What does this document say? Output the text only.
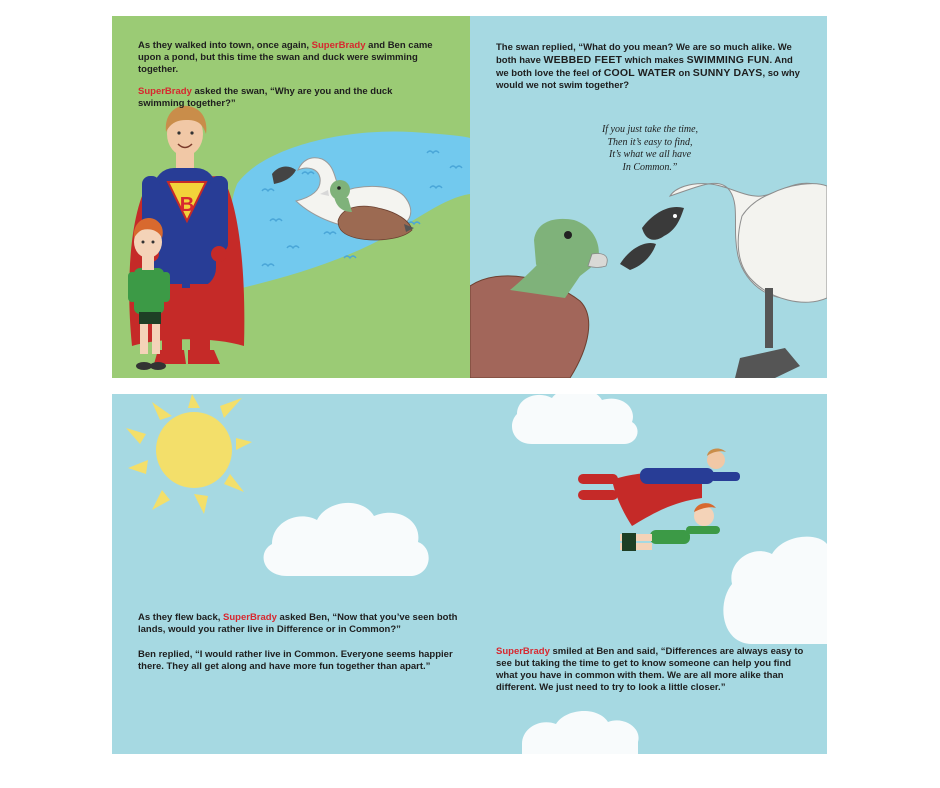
B

As they walked into town, once again, SuperBrady and Ben came upon a pond, but this time the swan and duck were swimming together.

SuperBrady asked the swan, “Why are you and the duck swimming together?”

The swan replied, “What do you mean? We are so much alike. We both have WEBBED FEET which makes SWIMMING FUN. And we both love the feel of COOL WATER on SUNNY DAYS, so why would we not swim together?

If you just take the time,
Then it’s easy to find,
It’s what we all have
In Common.”

As they flew back, SuperBrady asked Ben, “Now that you’ve seen both lands, would you rather live in Difference or in Common?”

Ben replied, “I would rather live in Common. Everyone seems happier there. They all get along and have more fun together than apart.”

SuperBrady smiled at Ben and said, “Differences are always easy to see but taking the time to get to know someone can help you find what you have in common with them. We are all more alike than different. We just need to try to look a little closer.”
